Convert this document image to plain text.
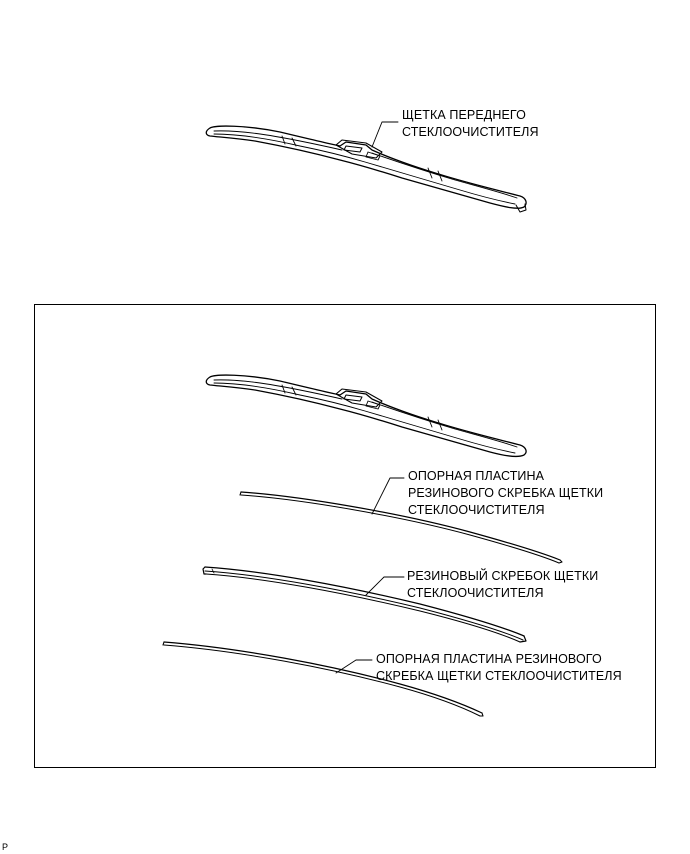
ЩЕТКА ПЕРЕДНЕГО
СТЕКЛООЧИСТИТЕЛЯ
ОПОРНАЯ ПЛАСТИНА
РЕЗИНОВОГО СКРЕБКА ЩЕТКИ
СТЕКЛООЧИСТИТЕЛЯ
РЕЗИНОВЫЙ СКРЕБОК ЩЕТКИ
СТЕКЛООЧИСТИТЕЛЯ
ОПОРНАЯ ПЛАСТИНА РЕЗИНОВОГО
СКРЕБКА ЩЕТКИ СТЕКЛООЧИСТИТЕЛЯ
P
